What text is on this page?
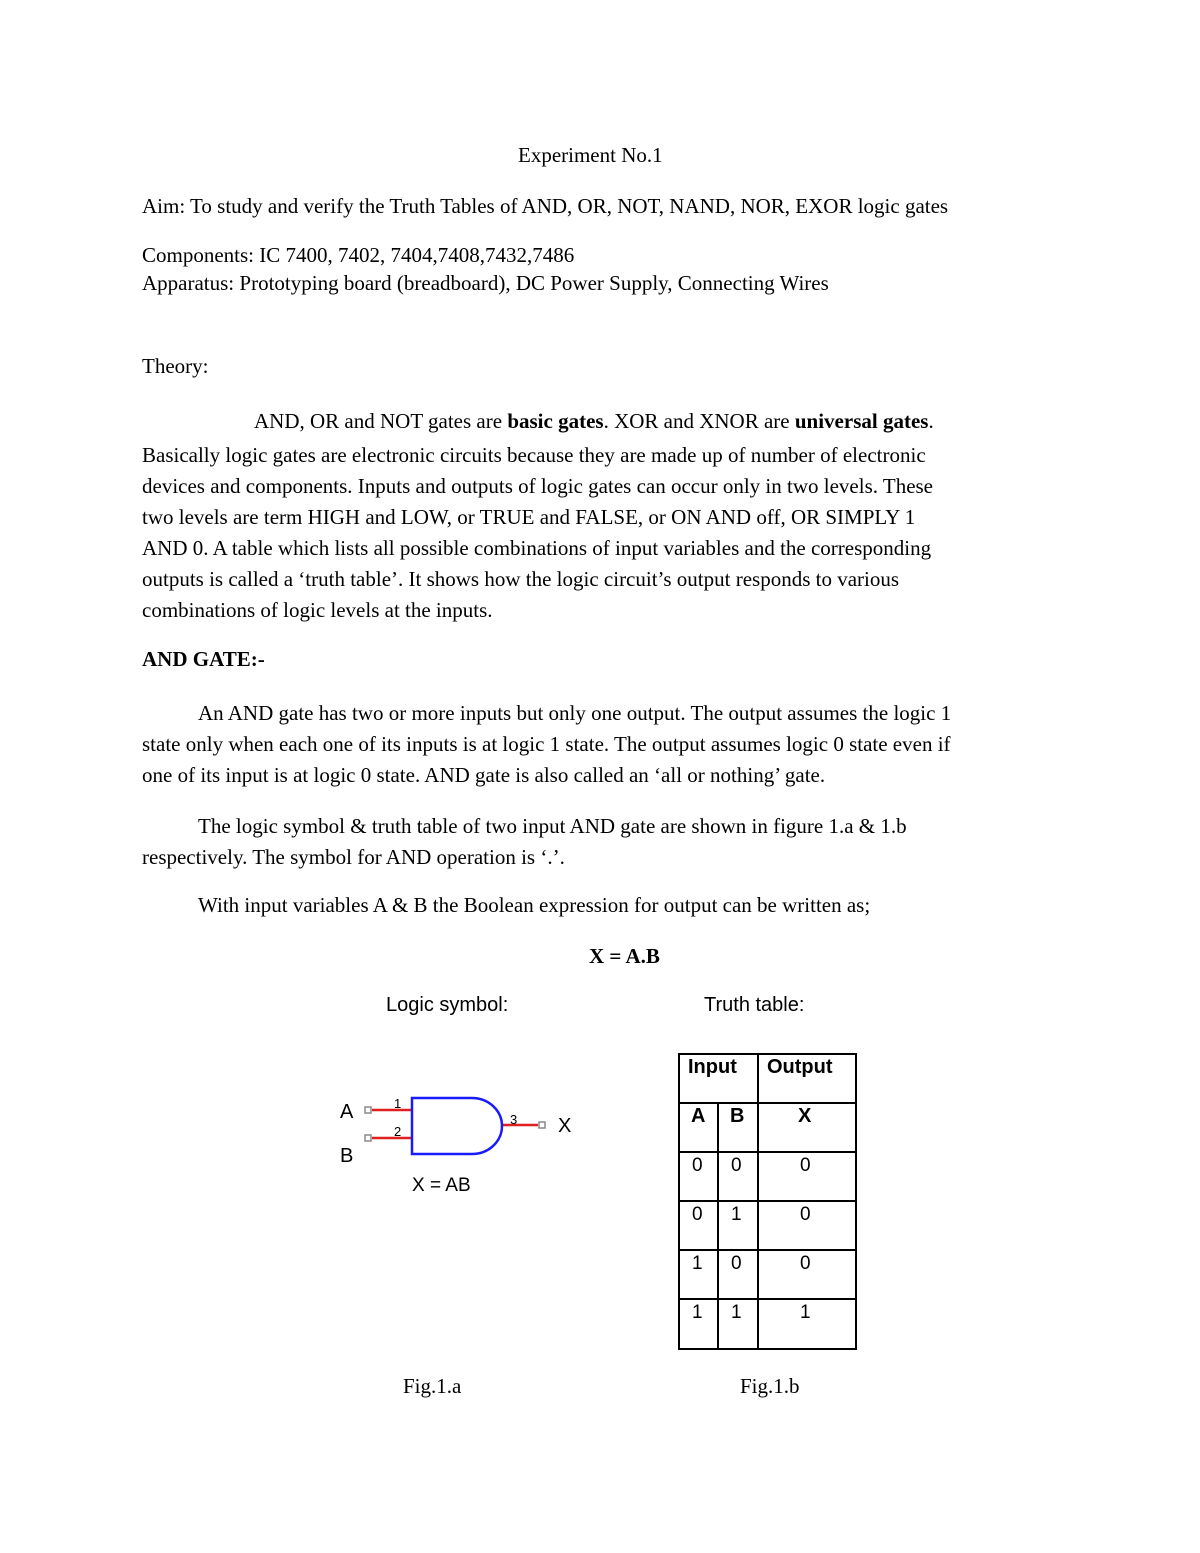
Experiment No.1
Aim: To study and verify the Truth Tables of AND, OR, NOT, NAND, NOR, EXOR logic gates
Components: IC 7400, 7402, 7404,7408,7432,7486
Apparatus: Prototyping board (breadboard), DC Power Supply, Connecting Wires
Theory:
AND, OR and NOT gates are basic gates. XOR and XNOR are universal gates.
Basically logic gates are electronic circuits because they are made up of number of electronic
devices and components. Inputs and outputs of logic gates can occur only in two levels. These
two levels are term HIGH and LOW, or TRUE and FALSE, or ON AND off, OR SIMPLY 1
AND 0. A table which lists all possible combinations of input variables and the corresponding
outputs is called a ‘truth table’. It shows how the logic circuit’s output responds to various
combinations of logic levels at the inputs.
AND GATE:-
An AND gate has two or more inputs but only one output. The output assumes the logic 1
state only when each one of its inputs is at logic 1 state. The output assumes logic 0 state even if
one of its input is at logic 0 state. AND gate is also called an ‘all or nothing’ gate.
The logic symbol & truth table of two input AND gate are shown in figure 1.a & 1.b
respectively. The symbol for AND operation is ‘.’.
With input variables A & B the Boolean expression for output can be written as;
X = A.B
Logic symbol:	Truth table:
A
B
1
2
3 X
X = AB
Input Output
A B	X
0 0	0
0 1	0
1 0	0
1 1	1
Fig.1.a	Fig.1.b
